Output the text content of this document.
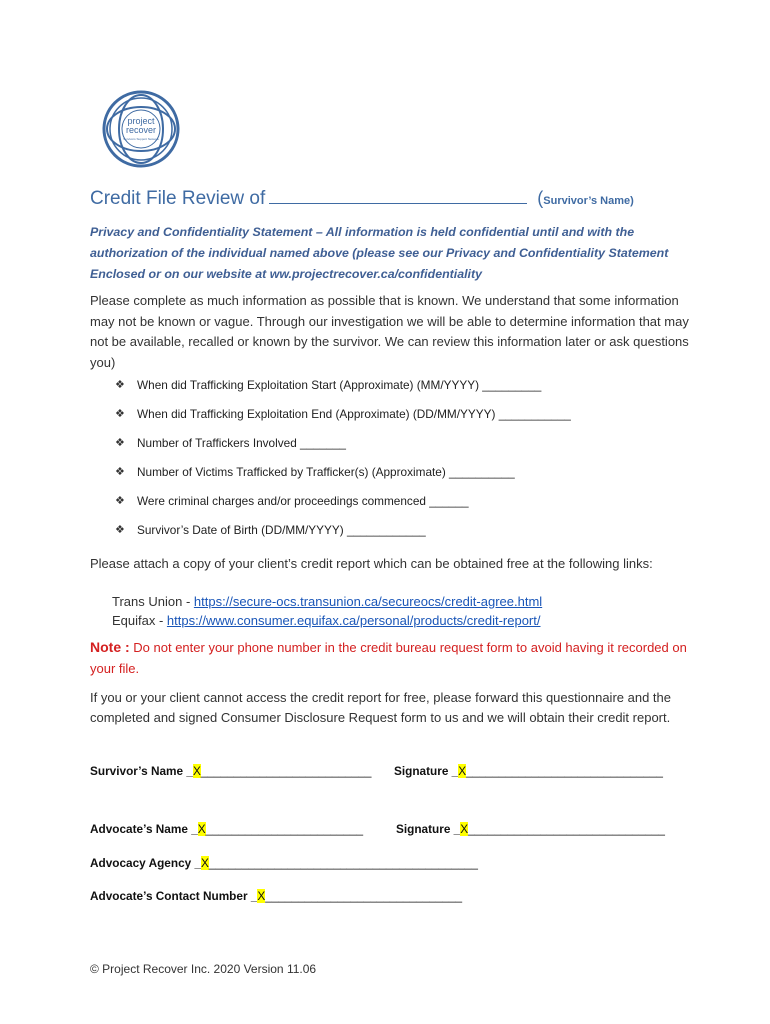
project
recover
Survivors Support Network
Credit File Review of	(Survivor’s Name)
Privacy and Confidentiality Statement – All information is held confidential until and with the authorization of the individual named above (please see our Privacy and Confidentiality Statement Enclosed or on our website at ww.projectrecover.ca/confidentiality
Please complete as much information as possible that is known. We understand that some information may not be known or vague. Through our investigation we will be able to determine information that may not be available, recalled or known by the survivor. We can review this information later or ask questions you)
❖	When did Trafficking Exploitation Start (Approximate) (MM/YYYY) _________
❖	When did Trafficking Exploitation End (Approximate) (DD/MM/YYYY) ___________
❖	Number of Traffickers Involved _______
❖	Number of Victims Trafficked by Trafficker(s) (Approximate) __________
❖	Were criminal charges and/or proceedings commenced ______
❖	Survivor’s Date of Birth (DD/MM/YYYY) ____________
Please attach a copy of your client’s credit report which can be obtained free at the following links:
Trans Union - https://secure-ocs.transunion.ca/secureocs/credit-agree.html
Equifax - https://www.consumer.equifax.ca/personal/products/credit-report/
Note : Do not enter your phone number in the credit bureau request form to avoid having it recorded on your file.
If you or your client cannot access the credit report for free, please forward this questionnaire and the completed and signed Consumer Disclosure Request form to us and we will obtain their credit report.
Survivor’s Name _X__________________________ Signature _X______________________________
Advocate’s Name _X________________________	Signature _X______________________________
Advocacy Agency _X_________________________________________
Advocate’s Contact Number _X______________________________
© Project Recover Inc. 2020 Version 11.06
